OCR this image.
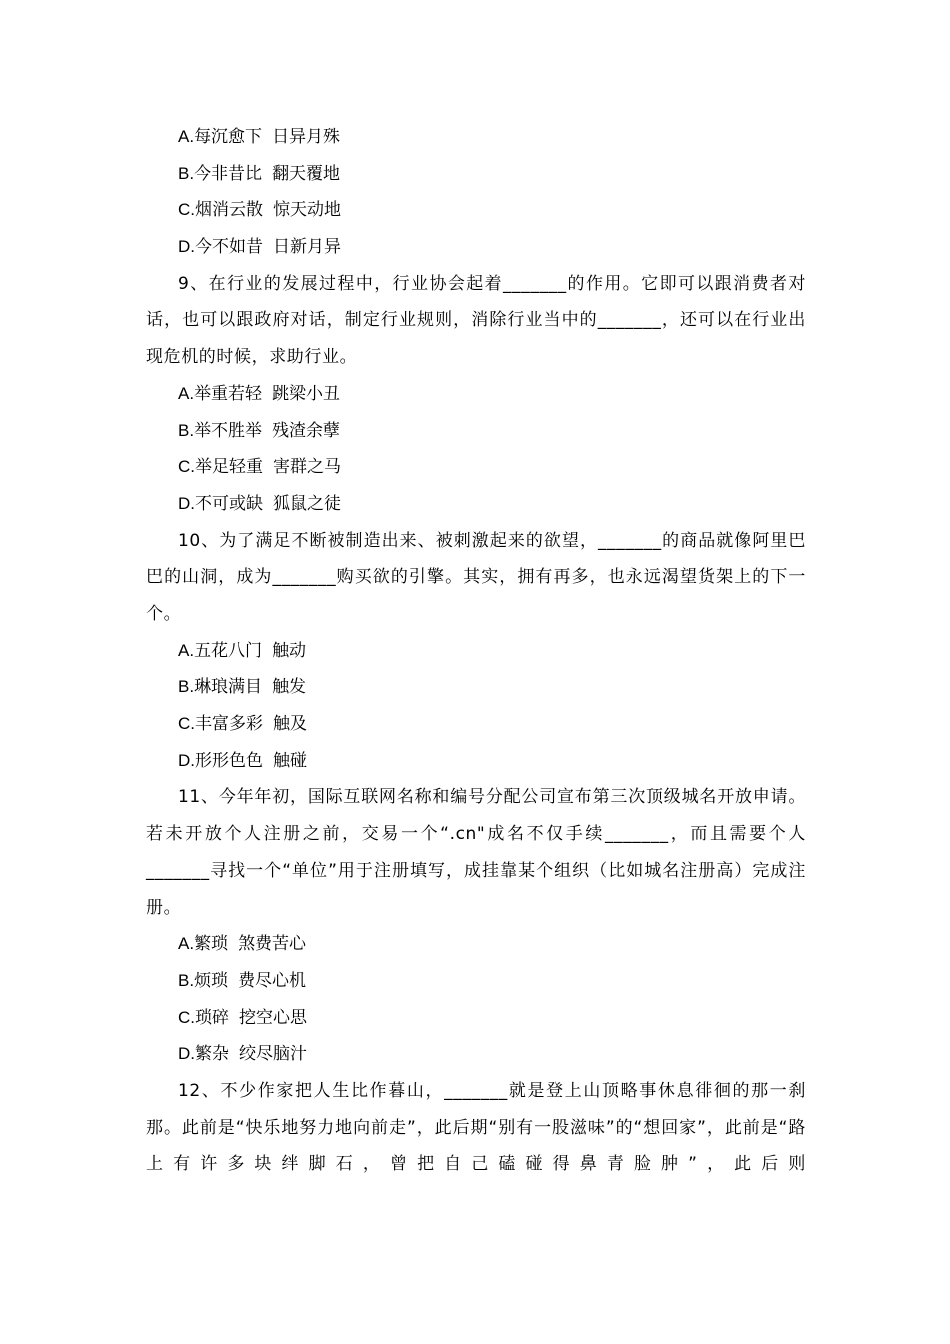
A.每沉愈下 日异月殊
B.今非昔比 翻天覆地
C.烟消云散 惊天动地
D.今不如昔 日新月异
9、在行业的发展过程中，行业协会起着_______的作用。它即可以跟消费者对话，也可以跟政府对话，制定行业规则，消除行业当中的_______，还可以在行业出现危机的时候，求助行业。
A.举重若轻 跳梁小丑
B.举不胜举 残渣余孽
C.举足轻重 害群之马
D.不可或缺 狐鼠之徒
10、为了满足不断被制造出来、被刺激起来的欲望，_______的商品就像阿里巴巴的山洞，成为_______购买欲的引擎。其实，拥有再多，也永远渴望货架上的下一个。
A.五花八门 触动
B.琳琅满目 触发
C.丰富多彩 触及
D.形形色色 触碰
11、今年年初，国际互联网名称和编号分配公司宣布第三次顶级城名开放申请。若未开放个人注册之前，交易一个“.cn"成名不仅手续_______，而且需要个人_______寻找一个“单位”用于注册填写，成挂靠某个组织（比如城名注册高）完成注册。
A.繁琐 煞费苦心
B.烦琐 费尽心机
C.琐碎 挖空心思
D.繁杂 绞尽脑汁
12、不少作家把人生比作暮山，_______就是登上山顶略事休息徘徊的那一刹那。此前是“快乐地努力地向前走”，此后期“别有一股滋味”的“想回家”，此前是“路上有许多块绊脚石，曾把自己磕碰得鼻青脸肿”，此后则
